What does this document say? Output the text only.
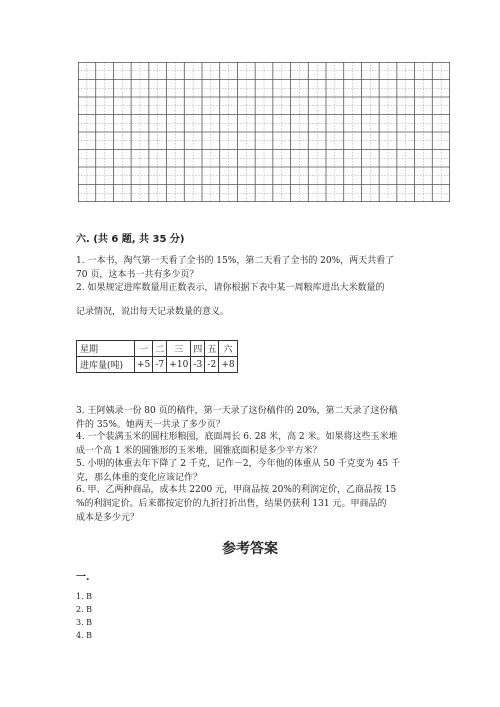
六. (共 6 题, 共 35 分)
1. 一本书，淘气第一天看了全书的 15%，第二天看了全书的 20%，两天共看了
70 页，这本书一共有多少页？
2. 如果规定进库数量用正数表示，请你根据下表中某一周粮库进出大米数量的
记录情况，说出每天记录数量的意义。
星期	一	二	三	四	五	六
进库量(吨)	+5	-7	+10	-3	-2	+8
3. 王阿姨录一份 80 页的稿件，第一天录了这份稿件的 20%，第二天录了这份稿
件的 35%。她两天一共录了多少页？
4. 一个装满玉米的圆柱形粮囤，底面周长 6. 28 米，高 2 米。如果将这些玉米堆
成一个高 1 米的圆锥形的玉米堆，圆锥底面积是多少平方米？
5. 小明的体重去年下降了 2 千克，记作－2，今年他的体重从 50 千克变为 45 千
克，那么体重的变化应该记作？
6. 甲、乙两种商品，成本共 2200 元，甲商品按 20%的利润定价，乙商品按 15
%的利润定价。后来都按定价的九折打折出售，结果仍获利 131 元。甲商品的
成本是多少元？
参考答案
一.
1. B
2. B
3. B
4. B
